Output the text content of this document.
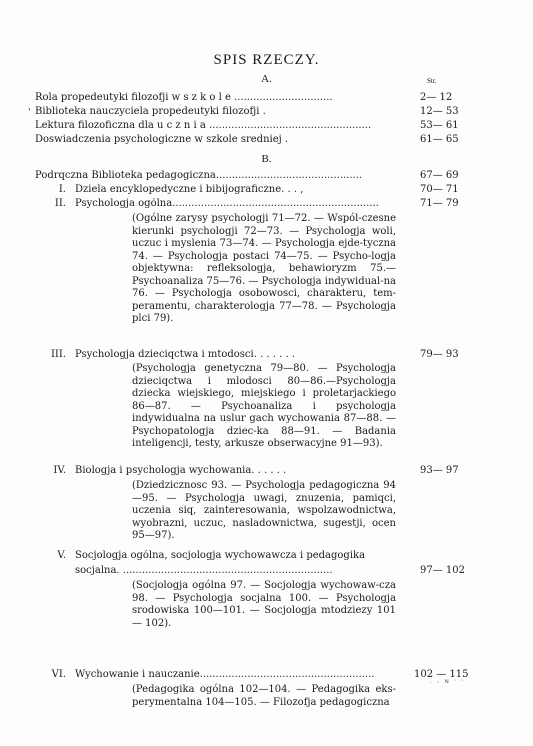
SPIS RZECZY.
A.	Str.
'
Rola propedeutyki filozofji w s z k o l e ...............................	2— 12
Biblioteka nauczyciela propedeutyki filozofji .	12— 53
Lektura filozoficzna dla u c z n i a ...................................................	53— 61
Doswiadczenia psychologiczne w szkole sredniej .	61— 65
B.
Podrqczna Biblioteka pedagogiczna..............................................	67— 69
I. Dziela encyklopedyczne i bibijograficzne. . . ,	70— 71
II. Psychologja ogólna.................................................................	71— 79
(Ogólne zarysy psychologji 71—72. — Wspól-czesne kierunki psychologji 72—73. — Psychologja woli, uczuc i myslenia 73—74. — Psychologja ejde-tyczna 74. — Psychologja postaci 74—75. — Psycho-logja objektywna: refleksologja, behawioryzm 75.— Psychoanaliza 75—76. — Psychologja indywidual-na 76. — Psychologja osobowosci, charakteru, tem-peramentu, charakterologja 77—78. — Psychologja plci 79).
III. Psychologja dzieciqctwa i mtodosci. . . . . . .	79— 93
(Psychologja genetyczna 79—80. — Psychologja dzieciqctwa i mlodosci 80—86.—Psychologja dziecka wiejskiego, miejskiego i proletarjackiego 86—87. — Psychoanaliza i psychologja indywidualna na uslur gach wychowania 87—88. — Psychopatologja dziec-ka 88—91. — Badania inteligencji, testy, arkusze obserwacyjne 91—93).
IV. Biologja i psychologja wychowania. . . . . .	93— 97
(Dziedzicznosc 93. — Psychologja pedagogiczna 94—95. — Psychologja uwagi, znuzenia, pamiqci, uczenia siq, zainteresowania, wspolzawodnictwa, wyobrazni, uczuc, nasladownictwa, sugestji, ocen 95—97).
V. Socjologja ogólna, socjologja wychowawcza i pedagogika
socjalna. ..................................................................	97— 102
(Socjologja ogólna 97. — Socjologja wychowaw-cza 98. — Psychologja socjalna 100. — Psychologja srodowiska 100—101. — Socjologja mtodziezy 101— 102).
VI. Wychowanie i nauczanie.......................................................	102 — 115
. : N ' '
(Pedagogika ogólna 102—104. — Pedagogika eks-perymentalna 104—105. — Filozofja pedagogiczna
